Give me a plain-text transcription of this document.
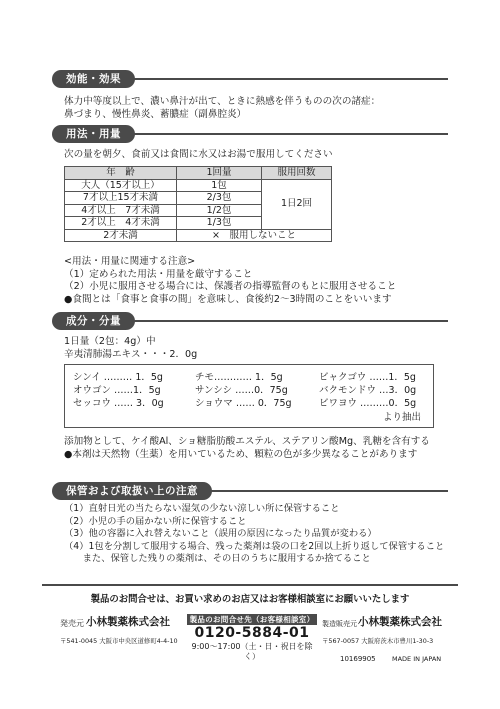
効能・効果
体力中等度以上で、濃い鼻汁が出て、ときに熱感を伴うものの次の諸症：
鼻づまり、慢性鼻炎、蓄膿症（副鼻腔炎）
用法・用量
次の量を朝夕、食前又は食間に水又はお湯で服用してください
年　齢	1回量	服用回数
大人（15才以上）	1包	1日2回
7才以上15才未満	2/3包	
4才以上　7才未満	1/2包	
2才以上　4才未満	1/3包	
2才未満	×　服用しないこと	
<用法・用量に関連する注意>
（1）定められた用法・用量を厳守すること
（2）小児に服用させる場合には、保護者の指導監督のもとに服用させること
●食間とは「食事と食事の間」を意味し、食後約2～3時間のことをいいます
成分・分量
1日量（2包：4g）中
辛夷清肺湯エキス・・・2．0g
シンイ ……… 1．5g	チモ………… 1．5g	ビャクゴウ ……1．5g
オウゴン ……1．5g	サンシシ ……0．75g	バクモンドウ …3．0g
セッコウ …… 3．0g	ショウマ …… 0．75g	ビワヨウ ………0．5g
より抽出
添加物として、ケイ酸Al、ショ糖脂肪酸エステル、ステアリン酸Mg、乳糖を含有する
●本剤は天然物（生薬）を用いているため、顆粒の色が多少異なることがあります
保管および取扱い上の注意
（1）直射日光の当たらない湿気の少ない涼しい所に保管すること
（2）小児の手の届かない所に保管すること
（3）他の容器に入れ替えないこと（誤用の原因になったり品質が変わる）
（4）1包を分割して服用する場合、残った薬剤は袋の口を2回以上折り返して保管すること
　　また、保管した残りの薬剤は、その日のうちに服用するか捨てること
製品のお問合せは、お買い求めのお店又はお客様相談室にお願いいたします
発売元 小林製薬株式会社
〒541-0045 大阪市中央区道修町4-4-10
製品のお問合せ先（お客様相談室）
0120-5884-01
9:00～17:00（土・日・祝日を除く）
製造販売元 小林製薬株式会社
〒567-0057 大阪府茨木市豊川1-30-3
10169905	MADE IN JAPAN
